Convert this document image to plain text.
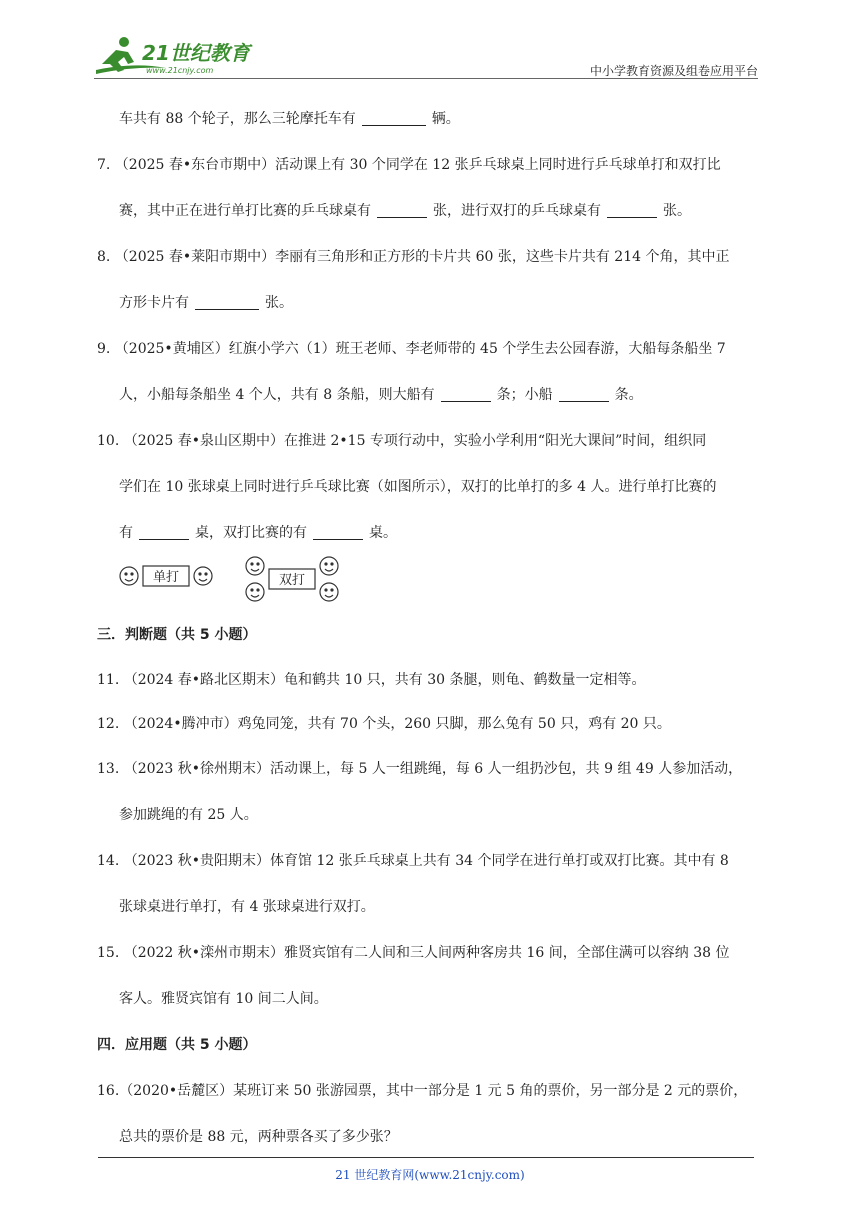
21世纪教育
www.21cnjy.com	中小学教育资源及组卷应用平台
车共有 88 个轮子，那么三轮摩托车有	辆。
7. （2025 春•东台市期中）活动课上有 30 个同学在 12 张乒乓球桌上同时进行乒乓球单打和双打比
赛，其中正在进行单打比赛的乒乓球桌有	张，进行双打的乒乓球桌有	张。
8. （2025 春•莱阳市期中）李丽有三角形和正方形的卡片共 60 张，这些卡片共有 214 个角，其中正
方形卡片有	张。
9. （2025•黄埔区）红旗小学六（1）班王老师、李老师带的 45 个学生去公园春游，大船每条船坐 7
人，小船每条船坐 4 个人，共有 8 条船，则大船有	条；小船	条。
10. （2025 春•泉山区期中）在推进 2•15 专项行动中，实验小学利用“阳光大课间”时间，组织同
学们在 10 张球桌上同时进行乒乓球比赛（如图所示），双打的比单打的多 4 人。进行单打比赛的
有	桌，双打比赛的有	桌。
单打	双打
三．判断题（共 5 小题）
11. （2024 春•路北区期末）龟和鹤共 10 只，共有 30 条腿，则龟、鹤数量一定相等。
12. （2024•腾冲市）鸡兔同笼，共有 70 个头，260 只脚，那么兔有 50 只，鸡有 20 只。
13. （2023 秋•徐州期末）活动课上，每 5 人一组跳绳，每 6 人一组扔沙包，共 9 组 49 人参加活动，
参加跳绳的有 25 人。
14. （2023 秋•贵阳期末）体育馆 12 张乒乓球桌上共有 34 个同学在进行单打或双打比赛。其中有 8
张球桌进行单打，有 4 张球桌进行双打。
15. （2022 秋•滦州市期末）雅贤宾馆有二人间和三人间两种客房共 16 间，全部住满可以容纳 38 位
客人。雅贤宾馆有 10 间二人间。
四．应用题（共 5 小题）
16.（2020•岳麓区）某班订来 50 张游园票，其中一部分是 1 元 5 角的票价，另一部分是 2 元的票价，
总共的票价是 88 元，两种票各买了多少张？
21 世纪教育网(www.21cnjy.com)
